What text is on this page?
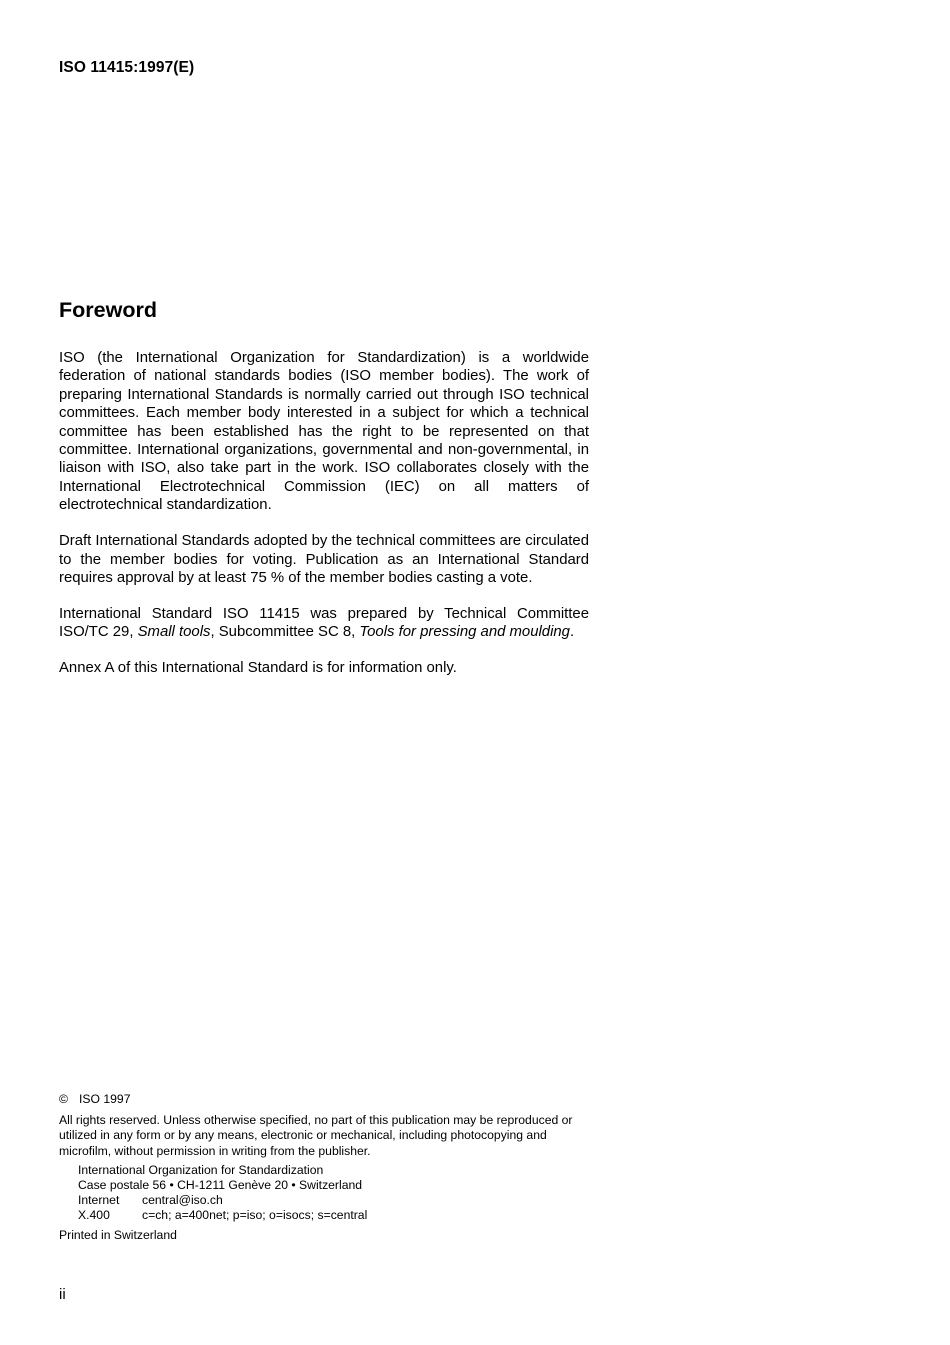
ISO 11415:1997(E)
Foreword

ISO (the International Organization for Standardization) is a worldwide federation of national standards bodies (ISO member bodies). The work of preparing International Standards is normally carried out through ISO technical committees. Each member body interested in a subject for which a technical committee has been established has the right to be represented on that committee. International organizations, governmental and non-governmental, in liaison with ISO, also take part in the work. ISO collaborates closely with the International Electrotechnical Commission (IEC) on all matters of electrotechnical standardization.

Draft International Standards adopted by the technical committees are circulated to the member bodies for voting. Publication as an International Standard requires approval by at least 75 % of the member bodies casting a vote.

International Standard ISO 11415 was prepared by Technical Committee ISO/TC 29, Small tools, Subcommittee SC 8, Tools for pressing and moulding.

Annex A of this International Standard is for information only.

© ISO 1997

All rights reserved. Unless otherwise specified, no part of this publication may be reproduced or utilized in any form or by any means, electronic or mechanical, including photocopying and microfilm, without permission in writing from the publisher.

International Organization for Standardization
Case postale 56 • CH-1211 Genève 20 • Switzerland
Internet	central@iso.ch
X.400	c=ch; a=400net; p=iso; o=isocs; s=central
Printed in Switzerland
ii
